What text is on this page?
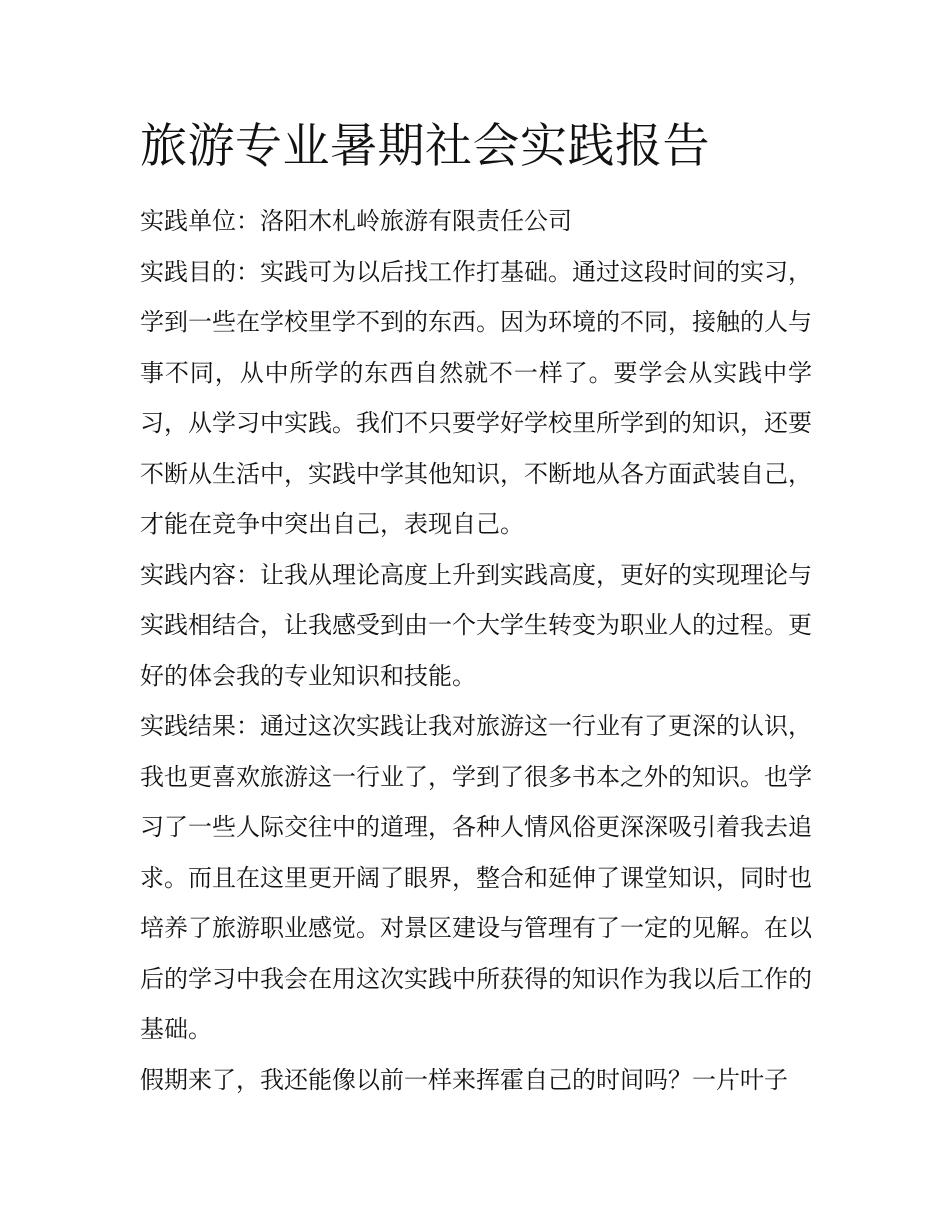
旅游专业暑期社会实践报告

实践单位：洛阳木札岭旅游有限责任公司

实践目的：实践可为以后找工作打基础。通过这段时间的实习，学到一些在学校里学不到的东西。因为环境的不同，接触的人与事不同，从中所学的东西自然就不一样了。要学会从实践中学习，从学习中实践。我们不只要学好学校里所学到的知识，还要不断从生活中，实践中学其他知识，不断地从各方面武装自己，才能在竞争中突出自己，表现自己。

实践内容：让我从理论高度上升到实践高度，更好的实现理论与实践相结合，让我感受到由一个大学生转变为职业人的过程。更好的体会我的专业知识和技能。

实践结果：通过这次实践让我对旅游这一行业有了更深的认识，我也更喜欢旅游这一行业了，学到了很多书本之外的知识。也学习了一些人际交往中的道理，各种人情风俗更深深吸引着我去追求。而且在这里更开阔了眼界，整合和延伸了课堂知识，同时也培养了旅游职业感觉。对景区建设与管理有了一定的见解。在以后的学习中我会在用这次实践中所获得的知识作为我以后工作的基础。

假期来了，我还能像以前一样来挥霍自己的时间吗？一片叶子
